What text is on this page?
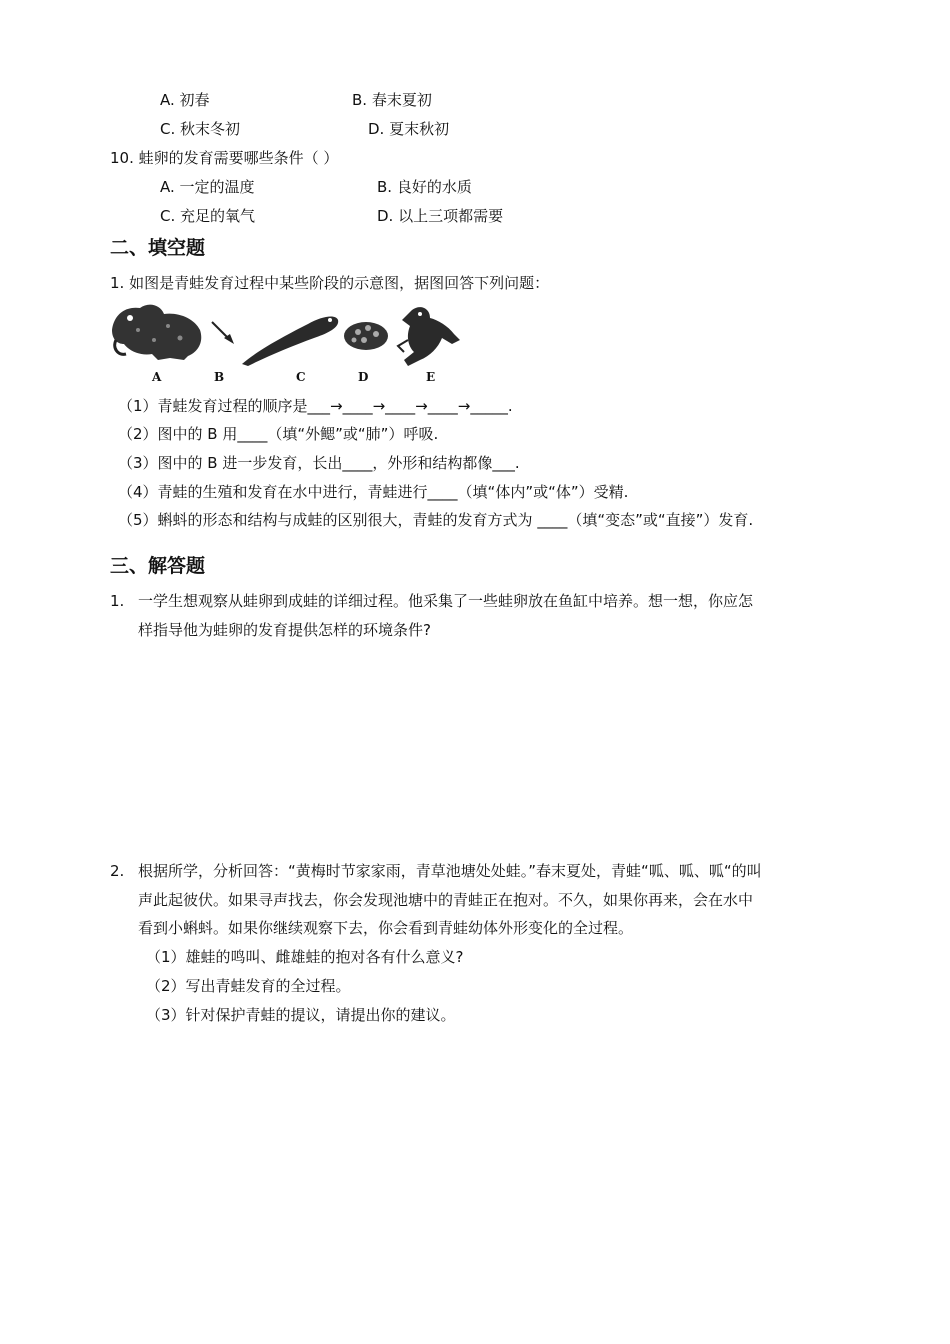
A. 初春	B. 春末夏初
C. 秋末冬初	D. 夏末秋初
10. 蛙卵的发育需要哪些条件（ ）
A. 一定的温度	B. 良好的水质
C. 充足的氧气	D. 以上三项都需要
二、填空题
1. 如图是青蛙发育过程中某些阶段的示意图，据图回答下列问题：
A	B	C	D	E
（1）青蛙发育过程的顺序是___→____→____→____→_____.
（2）图中的 B 用____（填“外鳃”或“肺”）呼吸.
（3）图中的 B 进一步发育，长出____，外形和结构都像___.
（4）青蛙的生殖和发育在水中进行，青蛙进行____（填“体内”或“体”）受精.
（5）蝌蚪的形态和结构与成蛙的区别很大，青蛙的发育方式为 ____（填“变态”或“直接”）发育.
三、解答题
1. 一学生想观察从蛙卵到成蛙的详细过程。他采集了一些蛙卵放在鱼缸中培养。想一想，你应怎
样指导他为蛙卵的发育提供怎样的环境条件?
2. 根据所学，分析回答：“黄梅时节家家雨，青草池塘处处蛙。”春末夏处，青蛙“呱、呱、呱“的叫
声此起彼伏。如果寻声找去，你会发现池塘中的青蛙正在抱对。不久，如果你再来，会在水中
看到小蝌蚪。如果你继续观察下去，你会看到青蛙幼体外形变化的全过程。
（1）雄蛙的鸣叫、雌雄蛙的抱对各有什么意义?
（2）写出青蛙发育的全过程。
（3）针对保护青蛙的提议，请提出你的建议。
